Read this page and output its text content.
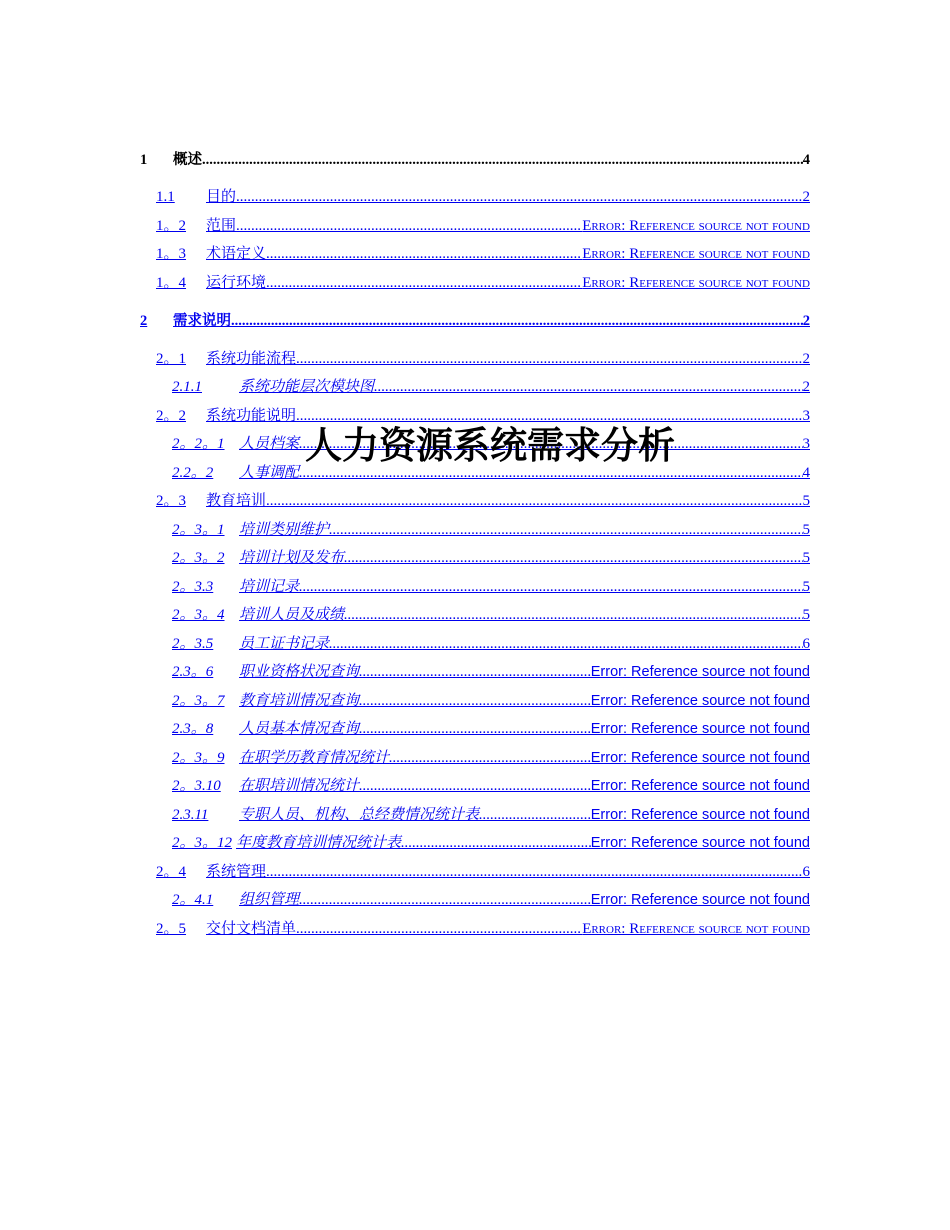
1	概述 .....	4
1.1	目的 .....	2
1。2	范围 .....	Error: Reference source not found
1。3	术语定义 .....	Error: Reference source not found
1。4	运行环境 .....	Error: Reference source not found
2	需求说明 .....	2
2。1	系统功能流程 .....	2
2.1.1	系统功能层次模块图 .....	2
2。2	系统功能说明 .....	3
2。2。1 人员档案 .....	3
2.2。2	人事调配 .....	4
2。3	教育培训 .....	5
2。3。1 培训类别维护 .....	5
2。3。2 培训计划及发布 .....	5
2。3.3	培训记录 .....	5
2。3。4 培训人员及成绩 .....	5
2。3.5	员工证书记录 .....	6
2.3。6	职业资格状况查询 .....	Error: Reference source not found
2。3。7 教育培训情况查询 .....	Error: Reference source not found
2.3。8	人员基本情况查询 .....	Error: Reference source not found
2。3。9 在职学历教育情况统计 .....	Error: Reference source not found
2。3.10	在职培训情况统计 .....	Error: Reference source not found
2.3.11	专职人员、机构、总经费情况统计表 .....	Error: Reference source not found
2。3。12 年度教育培训情况统计表 .....	Error: Reference source not found
2。4	系统管理 .....	6
2。4.1	组织管理 .....	Error: Reference source not found
2。5	交付文档清单 .....	Error: Reference source not found
人力资源系统需求分析
